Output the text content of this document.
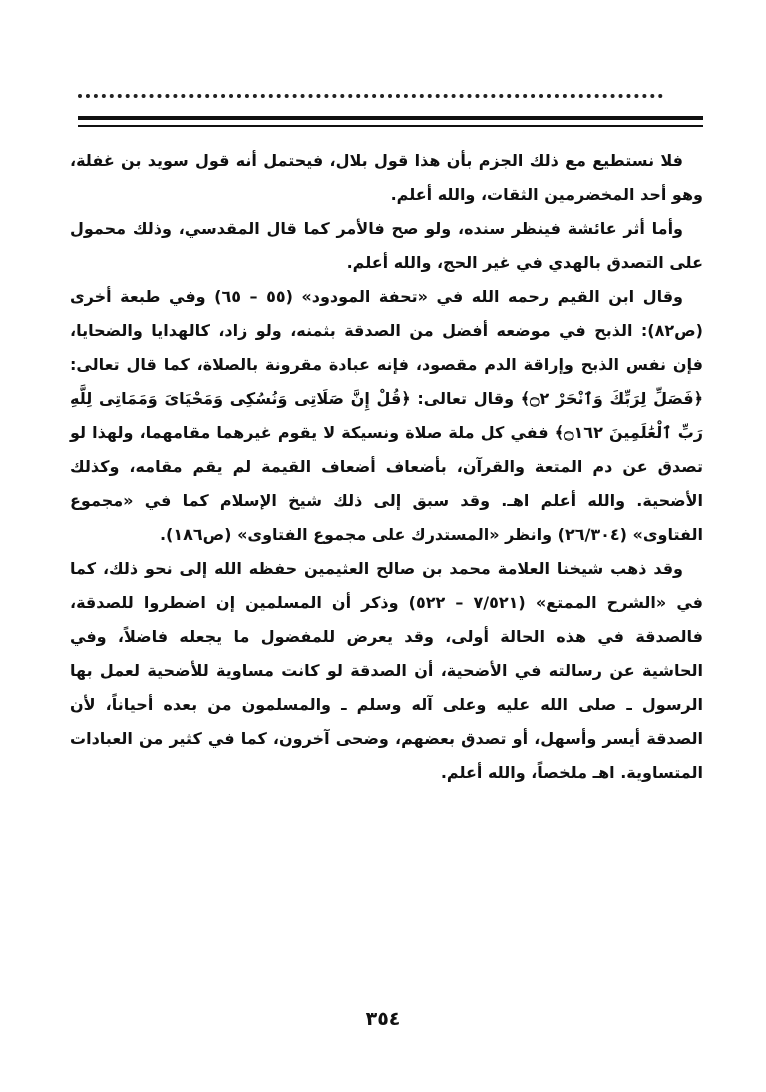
فلا نستطيع مع ذلك الجزم بأن هذا قول بلال، فيحتمل أنه قول سويد بن غفلة، وهو أحد المخضرمين الثقات، والله أعلم.

وأما أثر عائشة فينظر سنده، ولو صح فالأمر كما قال المقدسي، وذلك محمول على التصدق بالهدي في غير الحج، والله أعلم.

وقال ابن القيم رحمه الله في «تحفة المودود» (٥٥ – ٦٥) وفي طبعة أخرى (ص٨٢): الذبح في موضعه أفضل من الصدقة بثمنه، ولو زاد، كالهدايا والضحايا، فإن نفس الذبح وإراقة الدم مقصود، فإنه عبادة مقرونة بالصلاة، كما قال تعالى: ﴿فَصَلِّ لِرَبِّكَ وَٱنْحَرْ ۝٢﴾ وقال تعالى: ﴿قُلْ إِنَّ صَلَاتِى وَنُسُكِى وَمَحْيَاىَ وَمَمَاتِى لِلَّهِ رَبِّ ٱلْعَٰلَمِينَ ۝١٦٢﴾ ففي كل ملة صلاة ونسيكة لا يقوم غيرهما مقامهما، ولهذا لو تصدق عن دم المتعة والقرآن، بأضعاف أضعاف القيمة لم يقم مقامه، وكذلك الأضحية. والله أعلم اهـ. وقد سبق إلى ذلك شيخ الإسلام كما في «مجموع الفتاوى» (٢٦/٣٠٤) وانظر «المستدرك على مجموع الفتاوى» (ص١٨٦).

وقد ذهب شيخنا العلامة محمد بن صالح العثيمين حفظه الله إلى نحو ذلك، كما في «الشرح الممتع» (٧/٥٢١ – ٥٢٢) وذكر أن المسلمين إن اضطروا للصدقة، فالصدقة في هذه الحالة أولى، وقد يعرض للمفضول ما يجعله فاضلاً، وفي الحاشية عن رسالته في الأضحية، أن الصدقة لو كانت مساوية للأضحية لعمل بها الرسول ـ صلى الله عليه وعلى آله وسلم ـ والمسلمون من بعده أحياناً، لأن الصدقة أيسر وأسهل، أو تصدق بعضهم، وضحى آخرون، كما في كثير من العبادات المتساوية. اهـ ملخصاً، والله أعلم.

٣٥٤
